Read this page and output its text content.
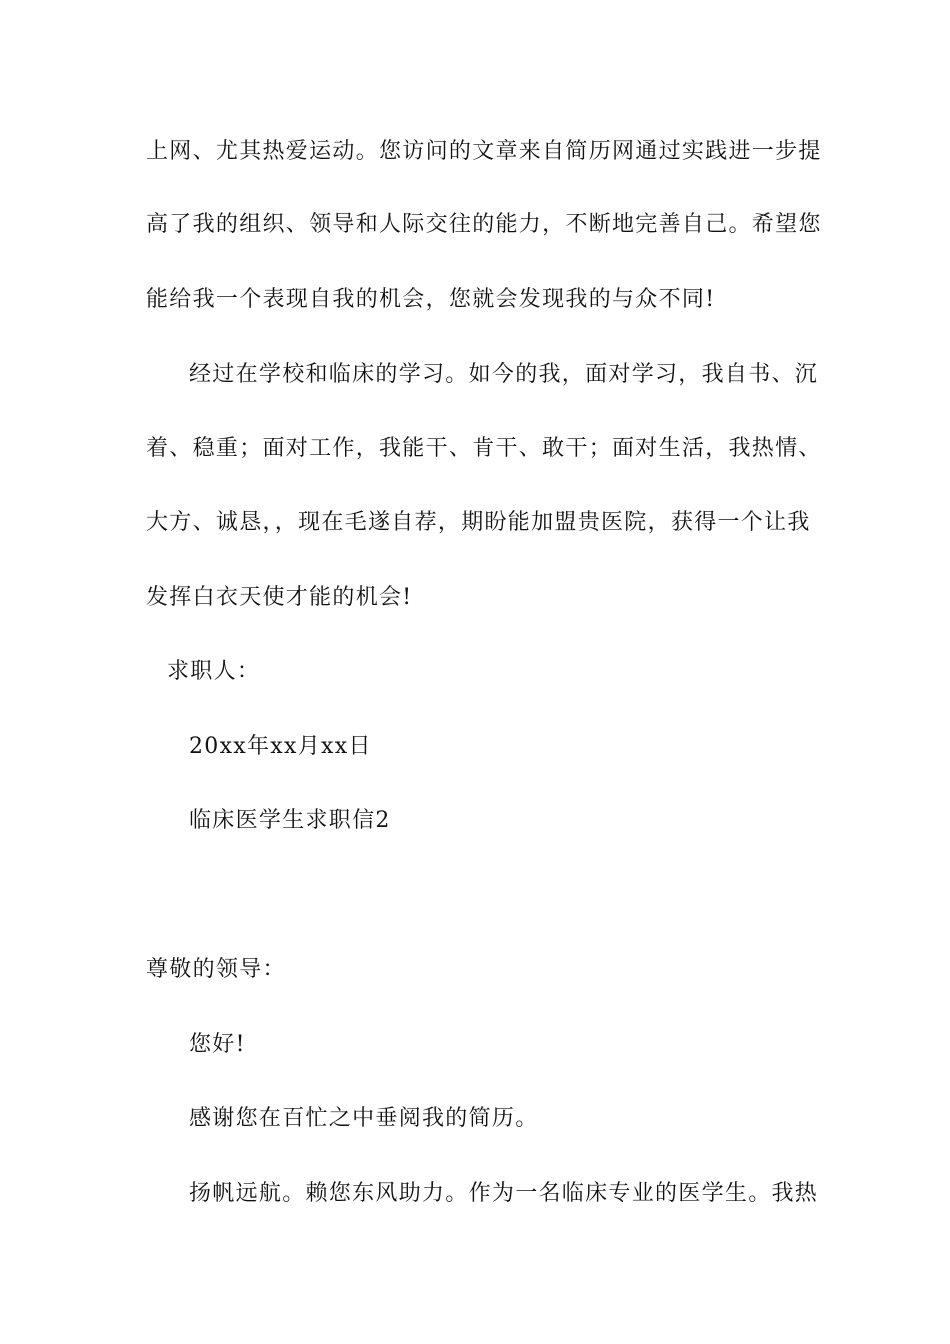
上网、尤其热爱运动。您访问的文章来自简历网通过实践进一步提
高了我的组织、领导和人际交往的能力，不断地完善自己。希望您
能给我一个表现自我的机会，您就会发现我的与众不同!
经过在学校和临床的学习。如今的我，面对学习，我自书、沉
着、稳重；面对工作，我能干、肯干、敢干；面对生活，我热情、
大方、诚恳，，现在毛遂自荐，期盼能加盟贵医院，获得一个让我
发挥白衣天使才能的机会!
求职人：
20xx年xx月xx日
临床医学生求职信2
尊敬的领导：
您好!
感谢您在百忙之中垂阅我的简历。
扬帆远航。赖您东风助力。作为一名临床专业的医学生。我热
